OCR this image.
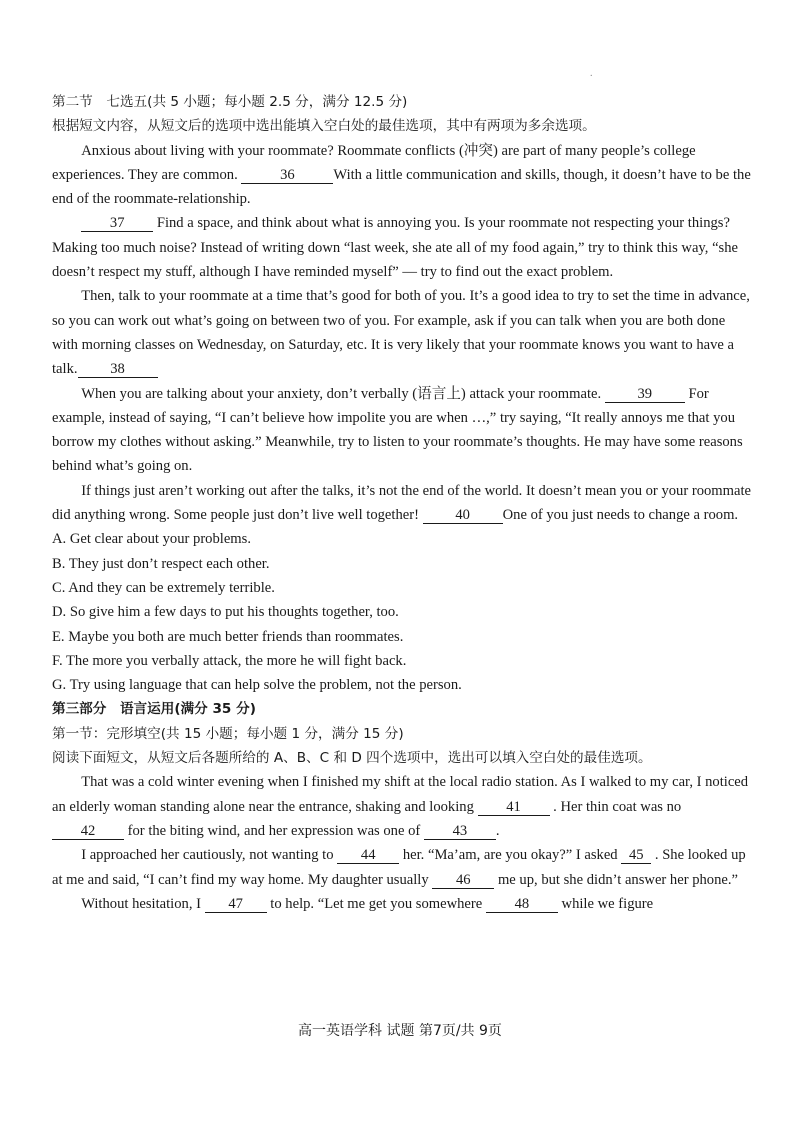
.

第二节　七选五(共 5 小题；每小题 2.5 分，满分 12.5 分)

根据短文内容，从短文后的选项中选出能填入空白处的最佳选项，其中有两项为多余选项。

Anxious about living with your roommate? Roommate conflicts (冲突) are part of many people’s college experiences. They are common.	36	With a little communication and skills, though, it doesn’t have to be the end of the roommate-relationship.

37 Find a space, and think about what is annoying you. Is your roommate not respecting your things? Making too much noise? Instead of writing down “last week, she ate all of my food again,” try to think this way, “she doesn’t respect my stuff, although I have reminded myself” — try to find out the exact problem.

Then, talk to your roommate at a time that’s good for both of you. It’s a good idea to try to set the time in advance, so you can work out what’s going on between two of you. For example, ask if you can talk when you are both done with morning classes on Wednesday, on Saturday, etc. It is very likely that your roommate knows you want to have a talk. 38

When you are talking about your anxiety, don’t verbally (语言上) attack your roommate. 39 For example, instead of saying, “I can’t believe how impolite you are when …,” try saying, “It really annoys me that you borrow my clothes without asking.” Meanwhile, try to listen to your roommate’s thoughts. He may have some reasons behind what’s going on.

If things just aren’t working out after the talks, it’s not the end of the world. It doesn’t mean you or your roommate did anything wrong. Some people just don’t live well together! 40 One of you just needs to change a room.

A. Get clear about your problems.

B. They just don’t respect each other.

C. And they can be extremely terrible.

D. So give him a few days to put his thoughts together, too.

E. Maybe you both are much better friends than roommates.

F. The more you verbally attack, the more he will fight back.

G. Try using language that can help solve the problem, not the person.

第三部分　语言运用(满分 35 分)

第一节：完形填空(共 15 小题；每小题 1 分，满分 15 分)

阅读下面短文，从短文后各题所给的 A、B、C 和 D 四个选项中，选出可以填入空白处的最佳选项。

That was a cold winter evening when I finished my shift at the local radio station. As I walked to my car, I noticed an elderly woman standing alone near the entrance, shaking and looking 41 . Her thin coat was no 42 for the biting wind, and her expression was one of 43 .

I approached her cautiously, not wanting to 44 her. “Ma’am, are you okay?” I asked 45 . She looked up at me and said, “I can’t find my way home. My daughter usually 46 me up, but she didn’t answer her phone.”

Without hesitation, I 47 to help. “Let me get you somewhere 48 while we figure

高一英语学科 试题 第7页/共 9页
